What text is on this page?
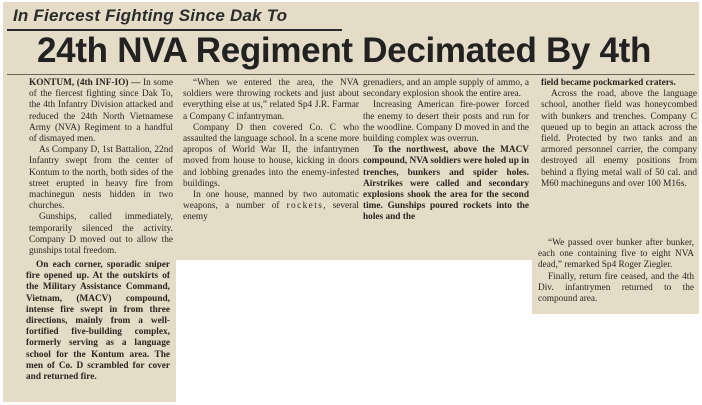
In Fiercest Fighting Since Dak To
24th NVA Regiment Decimated By 4th

KONTUM, (4th INF-IO) — In some of the fiercest fighting since Dak To, the 4th Infantry Division attacked and reduced the 24th North Vietnamese Army (NVA) Regiment to a handful of dismayed men.

As Company D, 1st Battalion, 22nd Infantry swept from the center of Kontum to the north, both sides of the street erupted in heavy fire from machinegun nests hidden in two churches.

Gunships, called immediately, temporarily silenced the activity. Company D moved out to allow the gunships total freedom.

“When we entered the area, the NVA soldiers were throwing rockets and just about everything else at us,” related Sp4 J.R. Farmar a Company C infantryman.

Company D then covered Co. C who assaulted the language school. In a scene more apropos of World War II, the infantrymen moved from house to house, kicking in doors and lobbing grenades into the enemy-infested buildings.

In one house, manned by two automatic weapons, a number of rockets, several enemy

grenadiers, and an ample supply of ammo, a secondary explosion shook the entire area.

Increasing American fire-power forced the enemy to desert their posts and run for the woodline. Company D moved in and the building complex was overrun.

To the northwest, above the MACV compound, NVA soldiers were holed up in trenches, bunkers and spider holes. Airstrikes were called and secondary explosions shook the area for the second time. Gunships poured rockets into the holes and the

field became pockmarked craters.

Across the road, above the language school, another field was honeycombed with bunkers and trenches. Company C queued up to begin an attack across the field. Protected by two tanks and an armored personnel carrier, the company destroyed all enemy positions from behind a flying metal wall of 50 cal. and M60 machineguns and over 100 M16s.

On each corner, sporadic sniper fire opened up. At the outskirts of the Military Assistance Command, Vietnam, (MACV) compound, intense fire swept in from three directions, mainly from a well-fortified five-building complex, formerly serving as a language school for the Kontum area. The men of Co. D scrambled for cover and returned fire.

“We passed over bunker after bunker, each one containing five to eight NVA dead,” remarked Sp4 Roger Ziegler.

Finally, return fire ceased, and the 4th Div. infantrymen returned to the compound area.
